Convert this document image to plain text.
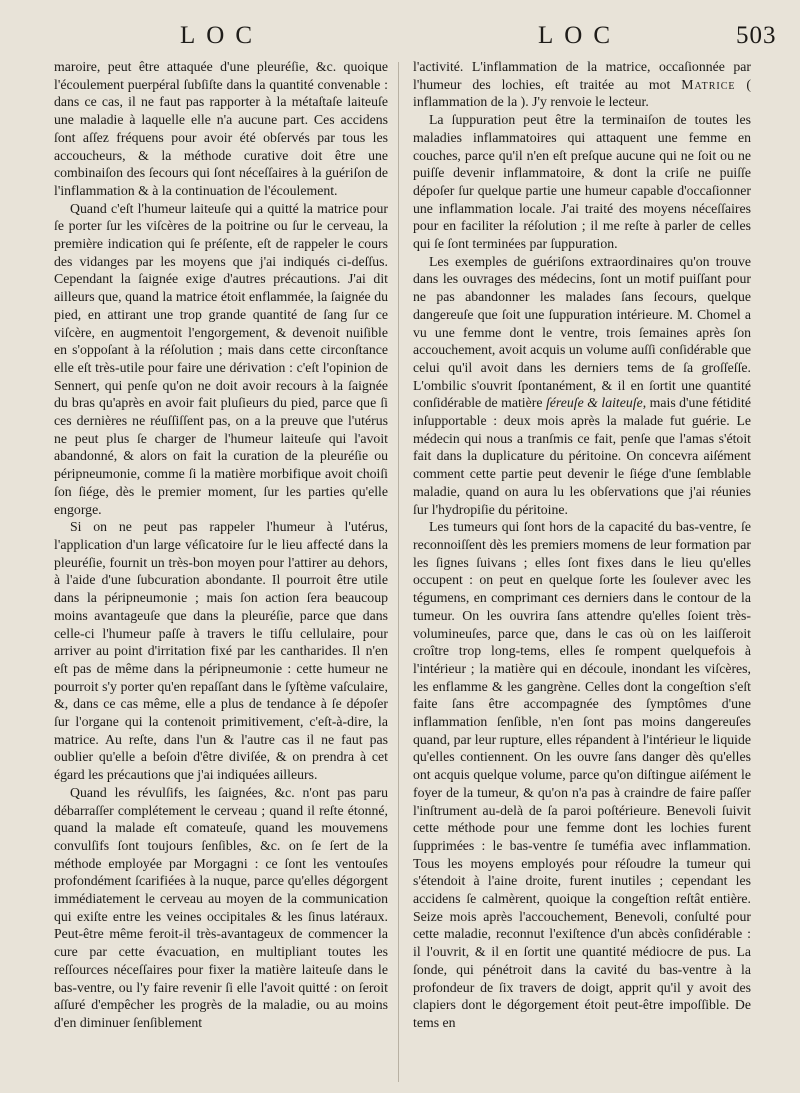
LOC	LOC	503

maroire, peut être attaquée d'une pleuréſie, &c. quoique l'écoulement puerpéral ſubſiſte dans la quantité convenable : dans ce cas, il ne faut pas rapporter à la métaſtaſe laiteuſe une maladie à laquelle elle n'a aucune part. Ces accidens ſont aſſez fréquens pour avoir été obſervés par tous les accoucheurs, & la méthode curative doit être une combinaiſon des ſecours qui ſont néceſſaires à la guériſon de l'inflammation & à la continuation de l'écoulement.

Quand c'eſt l'humeur laiteuſe qui a quitté la matrice pour ſe porter ſur les viſcères de la poitrine ou ſur le cerveau, la première indication qui ſe préſente, eſt de rappeler le cours des vidanges par les moyens que j'ai indiqués ci-deſſus. Cependant la ſaignée exige d'autres précautions. J'ai dit ailleurs que, quand la matrice étoit enflammée, la ſaignée du pied, en attirant une trop grande quantité de ſang ſur ce viſcère, en augmentoit l'engorgement, & devenoit nuiſible en s'oppoſant à la réſolution ; mais dans cette circonſtance elle eſt très-utile pour faire une dérivation : c'eſt l'opinion de Sennert, qui penſe qu'on ne doit avoir recours à la ſaignée du bras qu'après en avoir fait pluſieurs du pied, parce que ſi ces dernières ne réuſſiſſent pas, on a la preuve que l'utérus ne peut plus ſe charger de l'humeur laiteuſe qui l'avoit abandonné, & alors on fait la curation de la pleuréſie ou péripneumonie, comme ſi la matière morbifique avoit choiſi ſon ſiége, dès le premier moment, ſur les parties qu'elle engorge.

Si on ne peut pas rappeler l'humeur à l'utérus, l'application d'un large véſicatoire ſur le lieu affecté dans la pleuréſie, fournit un très-bon moyen pour l'attirer au dehors, à l'aide d'une ſubcuration abondante. Il pourroit être utile dans la péripneumonie ; mais ſon action ſera beaucoup moins avantageuſe que dans la pleuréſie, parce que dans celle-ci l'humeur paſſe à travers le tiſſu cellulaire, pour arriver au point d'irritation fixé par les cantharides. Il n'en eſt pas de même dans la péripneumonie : cette humeur ne pourroit s'y porter qu'en repaſſant dans le ſyſtème vaſculaire, &, dans ce cas même, elle a plus de tendance à ſe dépoſer ſur l'organe qui la contenoit primitivement, c'eſt-à-dire, la matrice. Au reſte, dans l'un & l'autre cas il ne faut pas oublier qu'elle a beſoin d'être diviſée, & on prendra à cet égard les précautions que j'ai indiquées ailleurs.

Quand les révulſifs, les ſaignées, &c. n'ont pas paru débarraſſer complétement le cerveau ; quand il reſte étonné, quand la malade eſt comateuſe, quand les mouvemens convulſifs ſont toujours ſenſibles, &c. on ſe ſert de la méthode employée par Morgagni : ce ſont les ventouſes profondément ſcarifiées à la nuque, parce qu'elles dégorgent immédiatement le cerveau au moyen de la communication qui exiſte entre les veines occipitales & les ſinus latéraux. Peut-être même feroit-il très-avantageux de commencer la cure par cette évacuation, en multipliant toutes les reſſources néceſſaires pour fixer la matière laiteuſe dans le bas-ventre, ou l'y faire revenir ſi elle l'avoit quitté : on ſeroit aſſuré d'empêcher les progrès de la maladie, ou au moins d'en diminuer ſenſiblement

l'activité. L'inflammation de la matrice, occaſionnée par l'humeur des lochies, eſt traitée au mot Matrice ( inflammation de la ). J'y renvoie le lecteur.

La ſuppuration peut être la terminaiſon de toutes les maladies inflammatoires qui attaquent une femme en couches, parce qu'il n'en eſt preſque aucune qui ne ſoit ou ne puiſſe devenir inflammatoire, & dont la criſe ne puiſſe dépoſer ſur quelque partie une humeur capable d'occaſionner une inflammation locale. J'ai traité des moyens néceſſaires pour en faciliter la réſolution ; il me reſte à parler de celles qui ſe ſont terminées par ſuppuration.

Les exemples de guériſons extraordinaires qu'on trouve dans les ouvrages des médecins, ſont un motif puiſſant pour ne pas abandonner les malades ſans ſecours, quelque dangereuſe que ſoit une ſuppuration intérieure. M. Chomel a vu une femme dont le ventre, trois ſemaines après ſon accouchement, avoit acquis un volume auſſi conſidérable que celui qu'il avoit dans les derniers tems de ſa groſſeſſe. L'ombilic s'ouvrit ſpontanément, & il en ſortit une quantité conſidérable de matière ſéreuſe & laiteuſe, mais d'une fétidité inſupportable : deux mois après la malade fut guérie. Le médecin qui nous a tranſmis ce fait, penſe que l'amas s'étoit fait dans la duplicature du péritoine. On concevra aiſément comment cette partie peut devenir le ſiége d'une ſemblable maladie, quand on aura lu les obſervations que j'ai réunies ſur l'hydropiſie du péritoine.

Les tumeurs qui ſont hors de la capacité du bas-ventre, ſe reconnoiſſent dès les premiers momens de leur formation par les ſignes ſuivans ; elles ſont fixes dans le lieu qu'elles occupent : on peut en quelque ſorte les ſoulever avec les tégumens, en comprimant ces derniers dans le contour de la tumeur. On les ouvrira ſans attendre qu'elles ſoient très-volumineuſes, parce que, dans le cas où on les laiſſeroit croître trop long-tems, elles ſe rompent quelquefois à l'intérieur ; la matière qui en découle, inondant les viſcères, les enflamme & les gangrène. Celles dont la congeſtion s'eſt faite ſans être accompagnée des ſymptômes d'une inflammation ſenſible, n'en ſont pas moins dangereuſes quand, par leur rupture, elles répandent à l'intérieur le liquide qu'elles contiennent. On les ouvre ſans danger dès qu'elles ont acquis quelque volume, parce qu'on diſtingue aiſément le foyer de la tumeur, & qu'on n'a pas à craindre de faire paſſer l'inſtrument au-delà de ſa paroi poſtérieure. Benevoli ſuivit cette méthode pour une femme dont les lochies furent ſupprimées : le bas-ventre ſe tuméfia avec inflammation. Tous les moyens employés pour réſoudre la tumeur qui s'étendoit à l'aine droite, furent inutiles ; cependant les accidens ſe calmèrent, quoique la congeſtion reſtât entière. Seize mois après l'accouchement, Benevoli, conſulté pour cette maladie, reconnut l'exiſtence d'un abcès conſidérable : il l'ouvrit, & il en ſortit une quantité médiocre de pus. La ſonde, qui pénétroit dans la cavité du bas-ventre à la profondeur de ſix travers de doigt, apprit qu'il y avoit des clapiers dont le dégorgement étoit peut-être impoſſible. De tems en
